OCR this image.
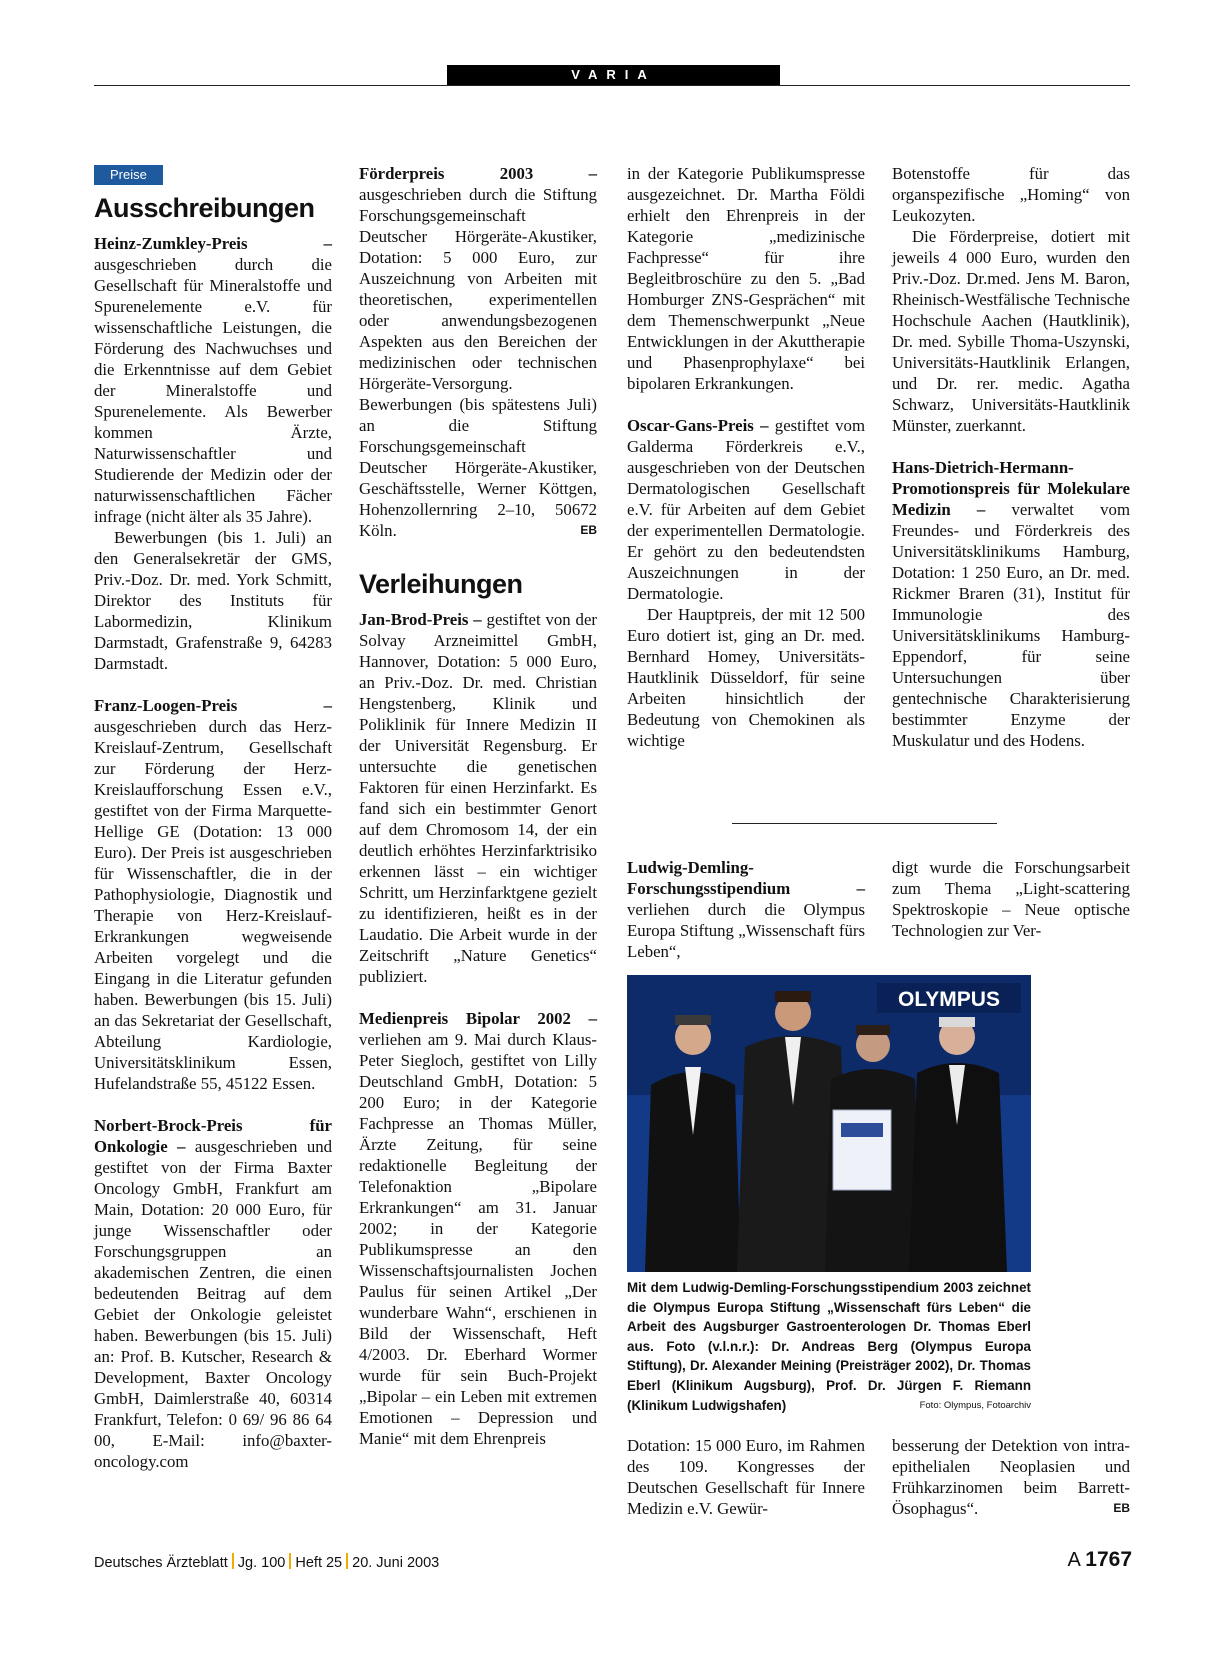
VARIA
Preise
Ausschreibungen

Heinz-Zumkley-Preis – ausgeschrieben durch die Gesellschaft für Mineralstoffe und Spurenelemente e.V. für wissenschaftliche Leistungen, die Förderung des Nachwuchses und die Erkenntnisse auf dem Gebiet der Mineralstoffe und Spurenelemente. Als Bewerber kommen Ärzte, Naturwissenschaftler und Studierende der Medizin oder der naturwissenschaftlichen Fächer infrage (nicht älter als 35 Jahre).

Bewerbungen (bis 1. Juli) an den Generalsekretär der GMS, Priv.-Doz. Dr. med. York Schmitt, Direktor des Instituts für Labormedizin, Klinikum Darmstadt, Grafenstraße 9, 64283 Darmstadt.

Franz-Loogen-Preis – ausgeschrieben durch das Herz-Kreislauf-Zentrum, Gesellschaft zur Förderung der Herz-Kreislaufforschung Essen e.V., gestiftet von der Firma Marquette-Hellige GE (Dotation: 13 000 Euro). Der Preis ist ausgeschrieben für Wissenschaftler, die in der Pathophysiologie, Diagnostik und Therapie von Herz-Kreislauf-Erkrankungen wegweisende Arbeiten vorgelegt und die Eingang in die Literatur gefunden haben. Bewerbungen (bis 15. Juli) an das Sekretariat der Gesellschaft, Abteilung Kardiologie, Universitätsklinikum Essen, Hufelandstraße 55, 45122 Essen.

Norbert-Brock-Preis für Onkologie – ausgeschrieben und gestiftet von der Firma Baxter Oncology GmbH, Frankfurt am Main, Dotation: 20 000 Euro, für junge Wissenschaftler oder Forschungsgruppen an akademischen Zentren, die einen bedeutenden Beitrag auf dem Gebiet der Onkologie geleistet haben. Bewerbungen (bis 15. Juli) an: Prof. B. Kutscher, Research & Development, Baxter Oncology GmbH, Daimlerstraße 40, 60314 Frankfurt, Telefon: 0 69/ 96 86 64 00, E-Mail: info@baxter-oncology.com

Förderpreis 2003 – ausgeschrieben durch die Stiftung Forschungsgemeinschaft Deutscher Hörgeräte-Akustiker, Dotation: 5 000 Euro, zur Auszeichnung von Arbeiten mit theoretischen, experimentellen oder anwendungsbezogenen Aspekten aus den Bereichen der medizinischen oder technischen Hörgeräte-Versorgung. Bewerbungen (bis spätestens Juli) an die Stiftung Forschungsgemeinschaft Deutscher Hörgeräte-Akustiker, Geschäftsstelle, Werner Köttgen, Hohenzollernring 2–10, 50672 Köln.	EB

Verleihungen

Jan-Brod-Preis – gestiftet von der Solvay Arzneimittel GmbH, Hannover, Dotation: 5 000 Euro, an Priv.-Doz. Dr. med. Christian Hengstenberg, Klinik und Poliklinik für Innere Medizin II der Universität Regensburg. Er untersuchte die genetischen Faktoren für einen Herzinfarkt. Es fand sich ein bestimmter Genort auf dem Chromosom 14, der ein deutlich erhöhtes Herzinfarktrisiko erkennen lässt – ein wichtiger Schritt, um Herzinfarktgene gezielt zu identifizieren, heißt es in der Laudatio. Die Arbeit wurde in der Zeitschrift „Nature Genetics“ publiziert.

Medienpreis Bipolar 2002 – verliehen am 9. Mai durch Klaus-Peter Siegloch, gestiftet von Lilly Deutschland GmbH, Dotation: 5 200 Euro; in der Kategorie Fachpresse an Thomas Müller, Ärzte Zeitung, für seine redaktionelle Begleitung der Telefonaktion „Bipolare Erkrankungen“ am 31. Januar 2002; in der Kategorie Publikumspresse an den Wissenschaftsjournalisten Jochen Paulus für seinen Artikel „Der wunderbare Wahn“, erschienen in Bild der Wissenschaft, Heft 4/2003. Dr. Eberhard Wormer wurde für sein Buch-Projekt „Bipolar – ein Leben mit extremen Emotionen – Depression und Manie“ mit dem Ehrenpreis

in der Kategorie Publikumspresse ausgezeichnet. Dr. Martha Földi erhielt den Ehrenpreis in der Kategorie „medizinische Fachpresse“ für ihre Begleitbroschüre zu den 5. „Bad Homburger ZNS-Gesprächen“ mit dem Themenschwerpunkt „Neue Entwicklungen in der Akuttherapie und Phasenprophylaxe“ bei bipolaren Erkrankungen.

Oscar-Gans-Preis – gestiftet vom Galderma Förderkreis e.V., ausgeschrieben von der Deutschen Dermatologischen Gesellschaft e.V. für Arbeiten auf dem Gebiet der experimentellen Dermatologie. Er gehört zu den bedeutendsten Auszeichnungen in der Dermatologie.

Der Hauptpreis, der mit 12 500 Euro dotiert ist, ging an Dr. med. Bernhard Homey, Universitäts-Hautklinik Düsseldorf, für seine Arbeiten hinsichtlich der Bedeutung von Chemokinen als wichtige

Botenstoffe für das organspezifische „Homing“ von Leukozyten.

Die Förderpreise, dotiert mit jeweils 4 000 Euro, wurden den Priv.-Doz. Dr.med. Jens M. Baron, Rheinisch-Westfälische Technische Hochschule Aachen (Hautklinik), Dr. med. Sybille Thoma-Uszynski, Universitäts-Hautklinik Erlangen, und Dr. rer. medic. Agatha Schwarz, Universitäts-Hautklinik Münster, zuerkannt.

Hans-Dietrich-Hermann-Promotionspreis für Molekulare Medizin – verwaltet vom Freundes- und Förderkreis des Universitätsklinikums Hamburg, Dotation: 1 250 Euro, an Dr. med. Rickmer Braren (31), Institut für Immunologie des Universitätsklinikums Hamburg-Eppendorf, für seine Untersuchungen über gentechnische Charakterisierung bestimmter Enzyme der Muskulatur und des Hodens.

Ludwig-Demling-Forschungsstipendium – verliehen durch die Olympus Europa Stiftung „Wissenschaft fürs Leben“,

digt wurde die Forschungsarbeit zum Thema „Light-scattering Spektroskopie – Neue optische Technologien zur Ver-

OLYMPUS
Mit dem Ludwig-Demling-Forschungsstipendium 2003 zeichnet die Olympus Europa Stiftung „Wissenschaft fürs Leben“ die Arbeit des Augsburger Gastroenterologen Dr. Thomas Eberl aus. Foto (v.l.n.r.): Dr. Andreas Berg (Olympus Europa Stiftung), Dr. Alexander Meining (Preisträger 2002), Dr. Thomas Eberl (Klinikum Augsburg), Prof. Dr. Jürgen F. Riemann (Klinikum Ludwigshafen)	Foto: Olympus, Fotoarchiv

Dotation: 15 000 Euro, im Rahmen des 109. Kongresses der Deutschen Gesellschaft für Innere Medizin e.V. Gewür-

besserung der Detektion von intra-epithelialen Neoplasien und Frühkarzinomen beim Barrett-Ösophagus“.	EB

Deutsches Ärzteblatt Jg. 100 Heft 25 20. Juni 2003	A 1767
